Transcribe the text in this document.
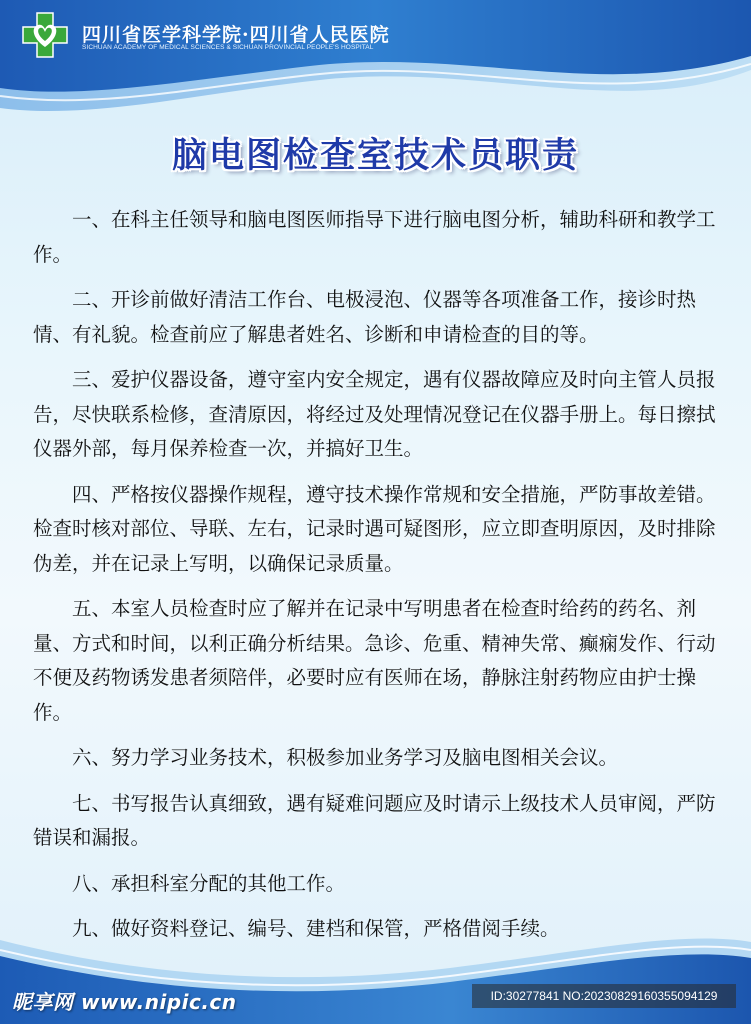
四川省医学科学院·四川省人民医院
SICHUAN ACADEMY OF MEDICAL SCIENCES & SICHUAN PROVINCIAL PEOPLE'S HOSPITAL
脑电图检查室技术员职责
一、在科主任领导和脑电图医师指导下进行脑电图分析，辅助科研和教学工作。
二、开诊前做好清洁工作台、电极浸泡、仪器等各项准备工作，接诊时热情、有礼貌。检查前应了解患者姓名、诊断和申请检查的目的等。
三、爱护仪器设备，遵守室内安全规定，遇有仪器故障应及时向主管人员报告，尽快联系检修，查清原因，将经过及处理情况登记在仪器手册上。每日擦拭仪器外部，每月保养检查一次，并搞好卫生。
四、严格按仪器操作规程，遵守技术操作常规和安全措施，严防事故差错。检查时核对部位、导联、左右，记录时遇可疑图形，应立即查明原因，及时排除伪差，并在记录上写明，以确保记录质量。
五、本室人员检查时应了解并在记录中写明患者在检查时给药的药名、剂量、方式和时间，以利正确分析结果。急诊、危重、精神失常、癫痫发作、行动不便及药物诱发患者须陪伴，必要时应有医师在场，静脉注射药物应由护士操作。
六、努力学习业务技术，积极参加业务学习及脑电图相关会议。
七、书写报告认真细致，遇有疑难问题应及时请示上级技术人员审阅，严防错误和漏报。
八、承担科室分配的其他工作。
九、做好资料登记、编号、建档和保管，严格借阅手续。
昵享网 www.nipic.cn	ID:30277841 NO:20230829160355094129
